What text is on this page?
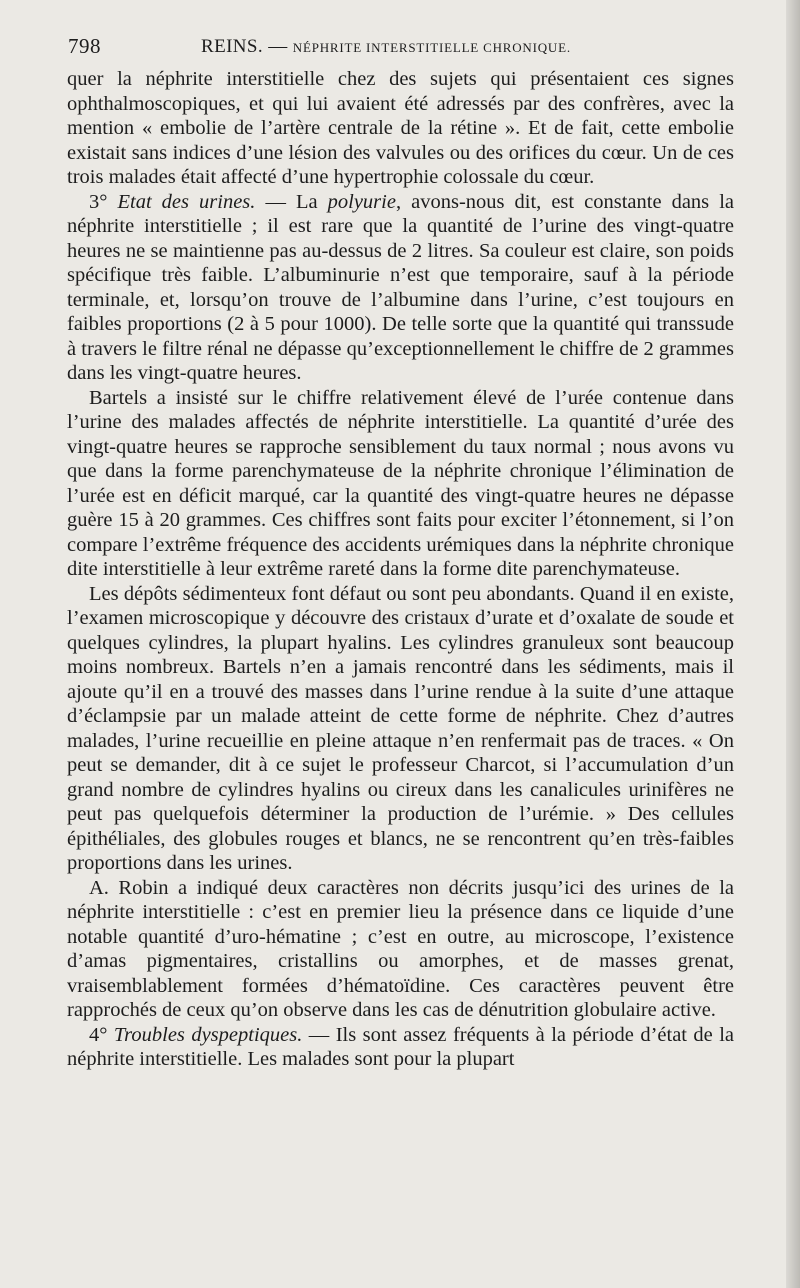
798	REINS. — NÉPHRITE INTERSTITIELLE CHRONIQUE.

quer la néphrite interstitielle chez des sujets qui présentaient ces signes ophthalmoscopiques, et qui lui avaient été adressés par des confrères, avec la mention « embolie de l’artère centrale de la rétine ». Et de fait, cette embolie existait sans indices d’une lésion des valvules ou des orifices du cœur. Un de ces trois malades était affecté d’une hypertrophie colossale du cœur.

3° Etat des urines. — La polyurie, avons-nous dit, est constante dans la néphrite interstitielle ; il est rare que la quantité de l’urine des vingt-quatre heures ne se maintienne pas au-dessus de 2 litres. Sa couleur est claire, son poids spécifique très faible. L’albuminurie n’est que temporaire, sauf à la période terminale, et, lorsqu’on trouve de l’albumine dans l’urine, c’est toujours en faibles proportions (2 à 5 pour 1000). De telle sorte que la quantité qui transsude à travers le filtre rénal ne dépasse qu’exceptionnellement le chiffre de 2 grammes dans les vingt-quatre heures.

Bartels a insisté sur le chiffre relativement élevé de l’urée contenue dans l’urine des malades affectés de néphrite interstitielle. La quantité d’urée des vingt-quatre heures se rapproche sensiblement du taux normal ; nous avons vu que dans la forme parenchymateuse de la néphrite chronique l’élimination de l’urée est en déficit marqué, car la quantité des vingt-quatre heures ne dépasse guère 15 à 20 grammes. Ces chiffres sont faits pour exciter l’étonnement, si l’on compare l’extrême fréquence des accidents urémiques dans la néphrite chronique dite interstitielle à leur extrême rareté dans la forme dite parenchymateuse.

Les dépôts sédimenteux font défaut ou sont peu abondants. Quand il en existe, l’examen microscopique y découvre des cristaux d’urate et d’oxalate de soude et quelques cylindres, la plupart hyalins. Les cylindres granuleux sont beaucoup moins nombreux. Bartels n’en a jamais rencontré dans les sédiments, mais il ajoute qu’il en a trouvé des masses dans l’urine rendue à la suite d’une attaque d’éclampsie par un malade atteint de cette forme de néphrite. Chez d’autres malades, l’urine recueillie en pleine attaque n’en renfermait pas de traces. « On peut se demander, dit à ce sujet le professeur Charcot, si l’accumulation d’un grand nombre de cylindres hyalins ou cireux dans les canalicules urinifères ne peut pas quelquefois déterminer la production de l’urémie. » Des cellules épithéliales, des globules rouges et blancs, ne se rencontrent qu’en très-faibles proportions dans les urines.

A. Robin a indiqué deux caractères non décrits jusqu’ici des urines de la néphrite interstitielle : c’est en premier lieu la présence dans ce liquide d’une notable quantité d’uro-hématine ; c’est en outre, au microscope, l’existence d’amas pigmentaires, cristallins ou amorphes, et de masses grenat, vraisemblablement formées d’hématoïdine. Ces caractères peuvent être rapprochés de ceux qu’on observe dans les cas de dénutrition globulaire active.

4° Troubles dyspeptiques. — Ils sont assez fréquents à la période d’état de la néphrite interstitielle. Les malades sont pour la plupart
